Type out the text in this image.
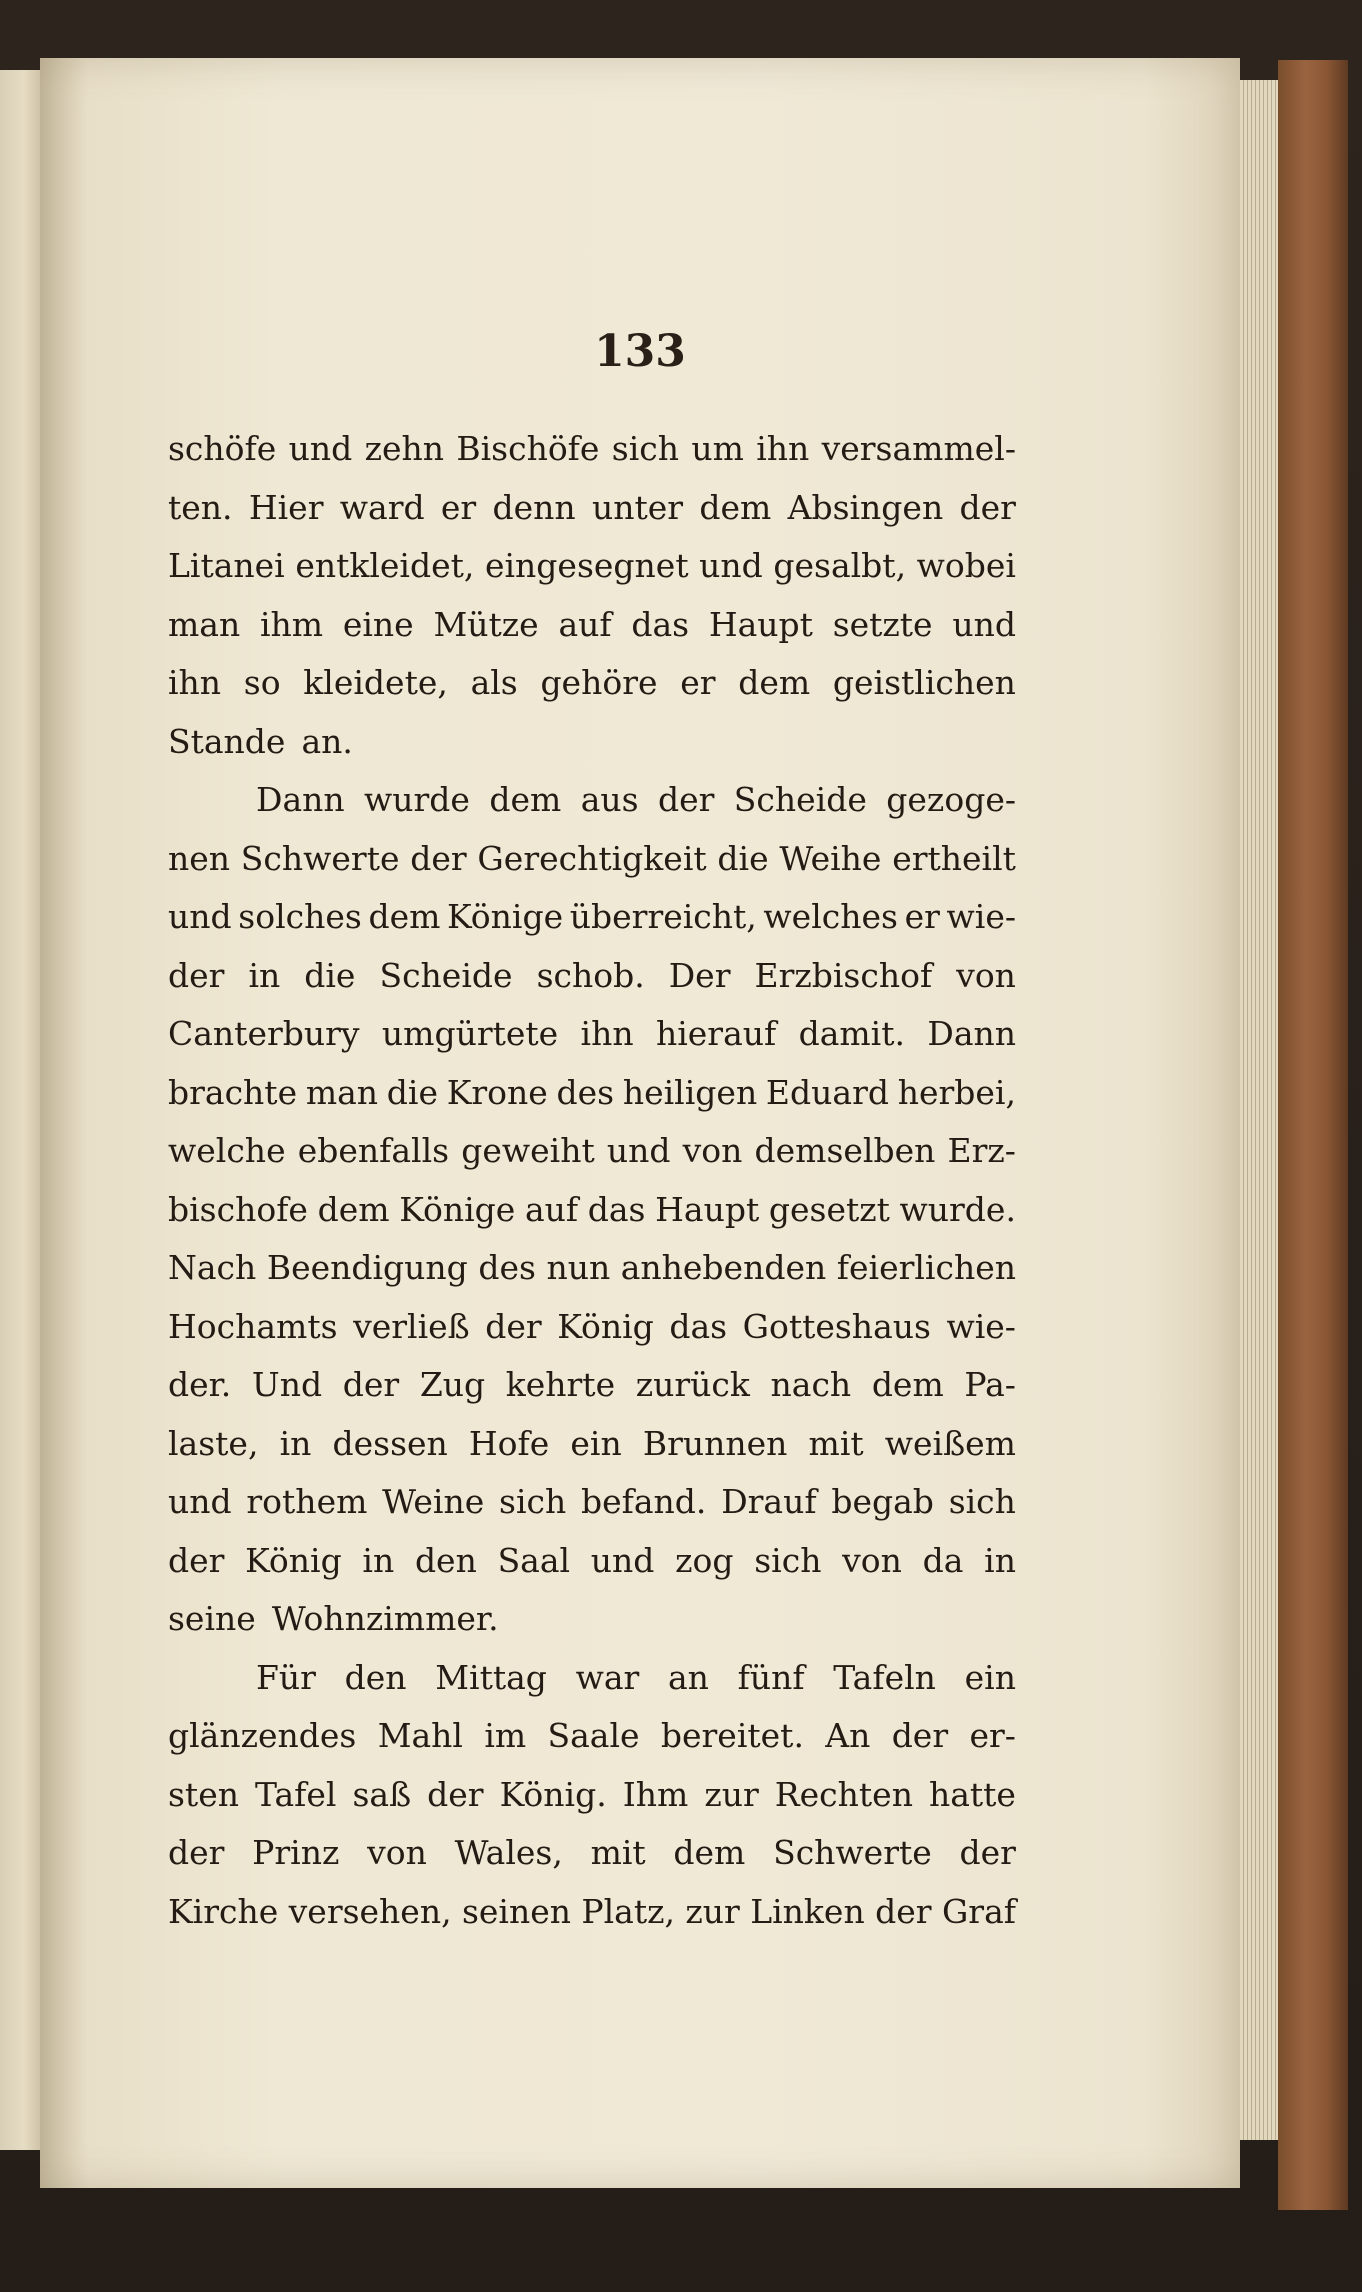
133
schöfe und zehn Bischöfe sich um ihn versammel-
ten. Hier ward er denn unter dem Absingen der
Litanei entkleidet, eingesegnet und gesalbt, wobei
man ihm eine Mütze auf das Haupt setzte und
ihn so kleidete, als gehöre er dem geistlichen
Stande an.
Dann wurde dem aus der Scheide gezoge-
nen Schwerte der Gerechtigkeit die Weihe ertheilt
und solches dem Könige überreicht, welches er wie-
der in die Scheide schob. Der Erzbischof von
Canterbury umgürtete ihn hierauf damit. Dann
brachte man die Krone des heiligen Eduard herbei,
welche ebenfalls geweiht und von demselben Erz-
bischofe dem Könige auf das Haupt gesetzt wurde.
Nach Beendigung des nun anhebenden feierlichen
Hochamts verließ der König das Gotteshaus wie-
der. Und der Zug kehrte zurück nach dem Pa-
laste, in dessen Hofe ein Brunnen mit weißem
und rothem Weine sich befand. Drauf begab sich
der König in den Saal und zog sich von da in
seine Wohnzimmer.
Für den Mittag war an fünf Tafeln ein
glänzendes Mahl im Saale bereitet. An der er-
sten Tafel saß der König. Ihm zur Rechten hatte
der Prinz von Wales, mit dem Schwerte der
Kirche versehen, seinen Platz, zur Linken der Graf
